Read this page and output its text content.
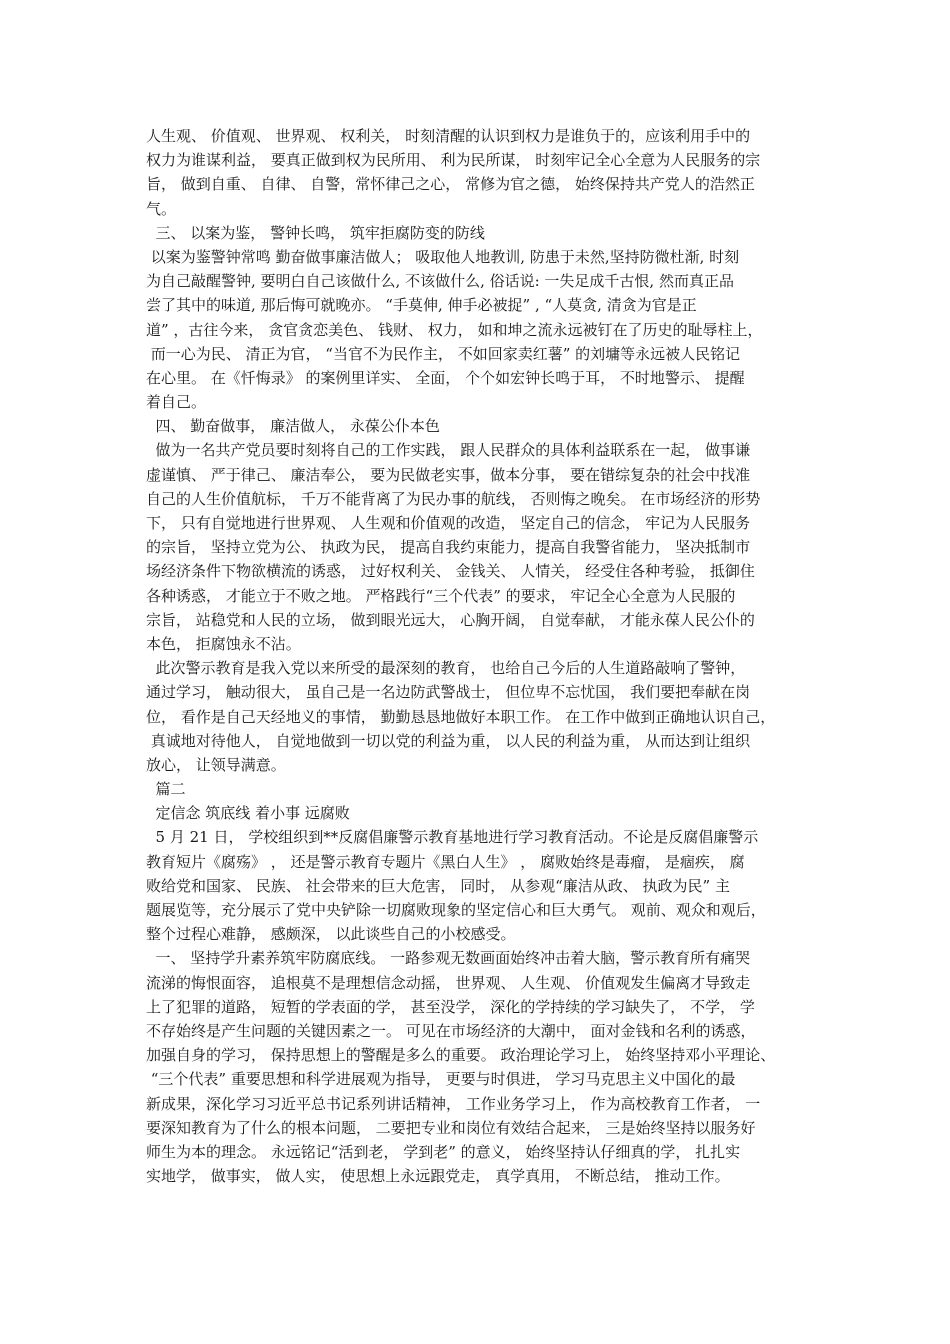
人生观、 价值观、 世界观、 权利关， 时刻清醒的认识到权力是谁负于的，应该利用手中的
权力为谁谋利益， 要真正做到权为民所用、 利为民所谋， 时刻牢记全心全意为人民服务的宗
旨， 做到自重、 自律、 自警，常怀律己之心， 常修为官之德， 始终保持共产党人的浩然正
气。
三、 以案为鉴， 警钟长鸣， 筑牢拒腐防变的防线
以案为鉴警钟常鸣 勤奋做事廉洁做人； 吸取他人地教训, 防患于未然,坚持防微杜渐, 时刻
为自己敲醒警钟, 要明白自己该做什么, 不该做什么, 俗话说: 一失足成千古恨, 然而真正品
尝了其中的味道, 那后悔可就晚亦。 “手莫伸, 伸手必被捉” , “人莫贪, 清贪为官是正
道” ，古往今来， 贪官贪恋美色、 钱财、 权力， 如和坤之流永远被钉在了历史的耻辱柱上，
而一心为民、 清正为官， “当官不为民作主， 不如回家卖红薯” 的刘墉等永远被人民铭记
在心里。 在《忏悔录》 的案例里详实、 全面， 个个如宏钟长鸣于耳， 不时地警示、 提醒
着自己。
四、 勤奋做事， 廉洁做人， 永葆公仆本色
做为一名共产党员要时刻将自己的工作实践， 跟人民群众的具体利益联系在一起， 做事谦
虚谨慎、 严于律己、 廉洁奉公， 要为民做老实事，做本分事， 要在错综复杂的社会中找准
自己的人生价值航标， 千万不能背离了为民办事的航线， 否则悔之晚矣。 在市场经济的形势
下， 只有自觉地进行世界观、 人生观和价值观的改造， 坚定自己的信念， 牢记为人民服务
的宗旨， 坚持立党为公、 执政为民， 提高自我约束能力，提高自我警省能力， 坚决抵制市
场经济条件下物欲横流的诱惑， 过好权利关、 金钱关、 人情关， 经受住各种考验， 抵御住
各种诱惑， 才能立于不败之地。 严格践行“三个代表” 的要求， 牢记全心全意为人民服的
宗旨， 站稳党和人民的立场， 做到眼光远大， 心胸开阔， 自觉奉献， 才能永葆人民公仆的
本色， 拒腐蚀永不沾。
此次警示教育是我入党以来所受的最深刻的教育， 也给自己今后的人生道路敲响了警钟，
通过学习， 触动很大， 虽自己是一名边防武警战士， 但位卑不忘忧国， 我们要把奉献在岗
位， 看作是自己天经地义的事情， 勤勤恳恳地做好本职工作。 在工作中做到正确地认识自己，
真诚地对待他人， 自觉地做到一切以党的利益为重， 以人民的利益为重， 从而达到让组织
放心， 让领导满意。
篇二
定信念 筑底线 着小事 远腐败
5 月 21 日， 学校组织到**反腐倡廉警示教育基地进行学习教育活动。不论是反腐倡廉警示
教育短片《腐殇》 ， 还是警示教育专题片《黑白人生》 ， 腐败始终是毒瘤， 是痼疾， 腐
败给党和国家、 民族、 社会带来的巨大危害， 同时， 从参观“廉洁从政、 执政为民” 主
题展览等，充分展示了党中央铲除一切腐败现象的坚定信心和巨大勇气。 观前、观众和观后，
整个过程心难静， 感颇深， 以此谈些自己的小校感受。
一、 坚持学升素养筑牢防腐底线。 一路参观无数画面始终冲击着大脑，警示教育所有痛哭
流涕的悔恨面容， 追根莫不是理想信念动摇， 世界观、 人生观、 价值观发生偏离才导致走
上了犯罪的道路， 短暂的学表面的学， 甚至没学， 深化的学持续的学习缺失了， 不学， 学
不存始终是产生问题的关键因素之一。 可见在市场经济的大潮中， 面对金钱和名利的诱惑，
加强自身的学习， 保持思想上的警醒是多么的重要。 政治理论学习上， 始终坚持邓小平理论、
“三个代表” 重要思想和科学进展观为指导， 更要与时俱进， 学习马克思主义中国化的最
新成果，深化学习习近平总书记系列讲话精神， 工作业务学习上， 作为高校教育工作者， 一
要深知教育为了什么的根本问题， 二要把专业和岗位有效结合起来， 三是始终坚持以服务好
师生为本的理念。 永远铭记“活到老， 学到老” 的意义， 始终坚持认仔细真的学， 扎扎实
实地学， 做事实， 做人实， 使思想上永远跟党走， 真学真用， 不断总结， 推动工作。
